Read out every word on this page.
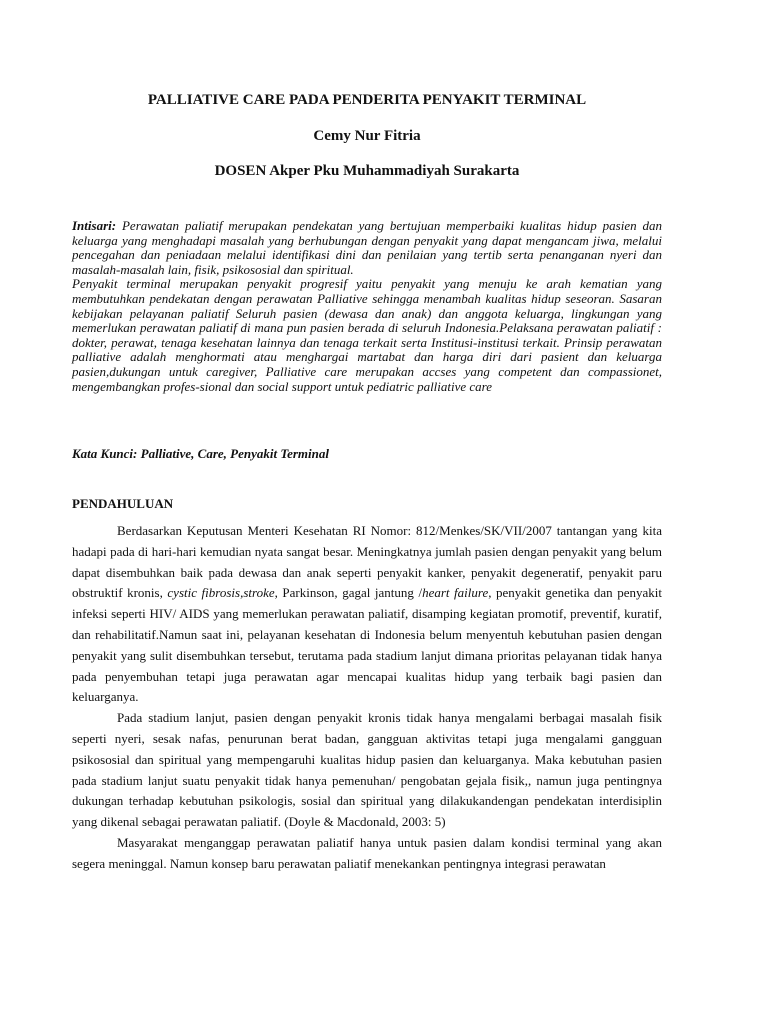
PALLIATIVE CARE PADA PENDERITA PENYAKIT TERMINAL
Cemy Nur Fitria
DOSEN Akper Pku Muhammadiyah Surakarta

Intisari: Perawatan paliatif merupakan pendekatan yang bertujuan memperbaiki kualitas hidup pasien dan keluarga yang menghadapi masalah yang berhubungan dengan penyakit yang dapat mengancam jiwa, melalui pencegahan dan peniadaan melalui identifikasi dini dan penilaian yang tertib serta penanganan nyeri dan masalah-masalah lain, fisik, psikososial dan spiritual.

Penyakit terminal merupakan penyakit progresif yaitu penyakit yang menuju ke arah kematian yang membutuhkan pendekatan dengan perawatan Palliative sehingga menambah kualitas hidup seseoran. Sasaran kebijakan pelayanan paliatif Seluruh pasien (dewasa dan anak) dan anggota keluarga, lingkungan yang memerlukan perawatan paliatif di mana pun pasien berada di seluruh Indonesia.Pelaksana perawatan paliatif : dokter, perawat, tenaga kesehatan lainnya dan tenaga terkait serta Institusi-institusi terkait. Prinsip perawatan palliative adalah menghormati atau menghargai martabat dan harga diri dari pasient dan keluarga pasien,dukungan untuk caregiver, Palliative care merupakan accses yang competent dan compassionet, mengembangkan profes-sional dan social support untuk pediatric palliative care

Kata Kunci: Palliative, Care, Penyakit Terminal
PENDAHULUAN

Berdasarkan Keputusan Menteri Kesehatan RI Nomor: 812/Menkes/SK/VII/2007 tantangan yang kita hadapi pada di hari-hari kemudian nyata sangat besar. Meningkatnya jumlah pasien dengan penyakit yang belum dapat disembuhkan baik pada dewasa dan anak seperti penyakit kanker, penyakit degeneratif, penyakit paru obstruktif kronis, cystic fibrosis,stroke, Parkinson, gagal jantung /heart failure, penyakit genetika dan penyakit infeksi seperti HIV/ AIDS yang memerlukan perawatan paliatif, disamping kegiatan promotif, preventif, kuratif, dan rehabilitatif.Namun saat ini, pelayanan kesehatan di Indonesia belum menyentuh kebutuhan pasien dengan penyakit yang sulit disembuhkan tersebut, terutama pada stadium lanjut dimana prioritas pelayanan tidak hanya pada penyembuhan tetapi juga perawatan agar mencapai kualitas hidup yang terbaik bagi pasien dan keluarganya.

Pada stadium lanjut, pasien dengan penyakit kronis tidak hanya mengalami berbagai masalah fisik seperti nyeri, sesak nafas, penurunan berat badan, gangguan aktivitas tetapi juga mengalami gangguan psikososial dan spiritual yang mempengaruhi kualitas hidup pasien dan keluarganya. Maka kebutuhan pasien pada stadium lanjut suatu penyakit tidak hanya pemenuhan/ pengobatan gejala fisik,, namun juga pentingnya dukungan terhadap kebutuhan psikologis, sosial dan spiritual yang dilakukandengan pendekatan interdisiplin yang dikenal sebagai perawatan paliatif. (Doyle & Macdonald, 2003: 5)

Masyarakat menganggap perawatan paliatif hanya untuk pasien dalam kondisi terminal yang akan segera meninggal. Namun konsep baru perawatan paliatif menekankan pentingnya integrasi perawatan
